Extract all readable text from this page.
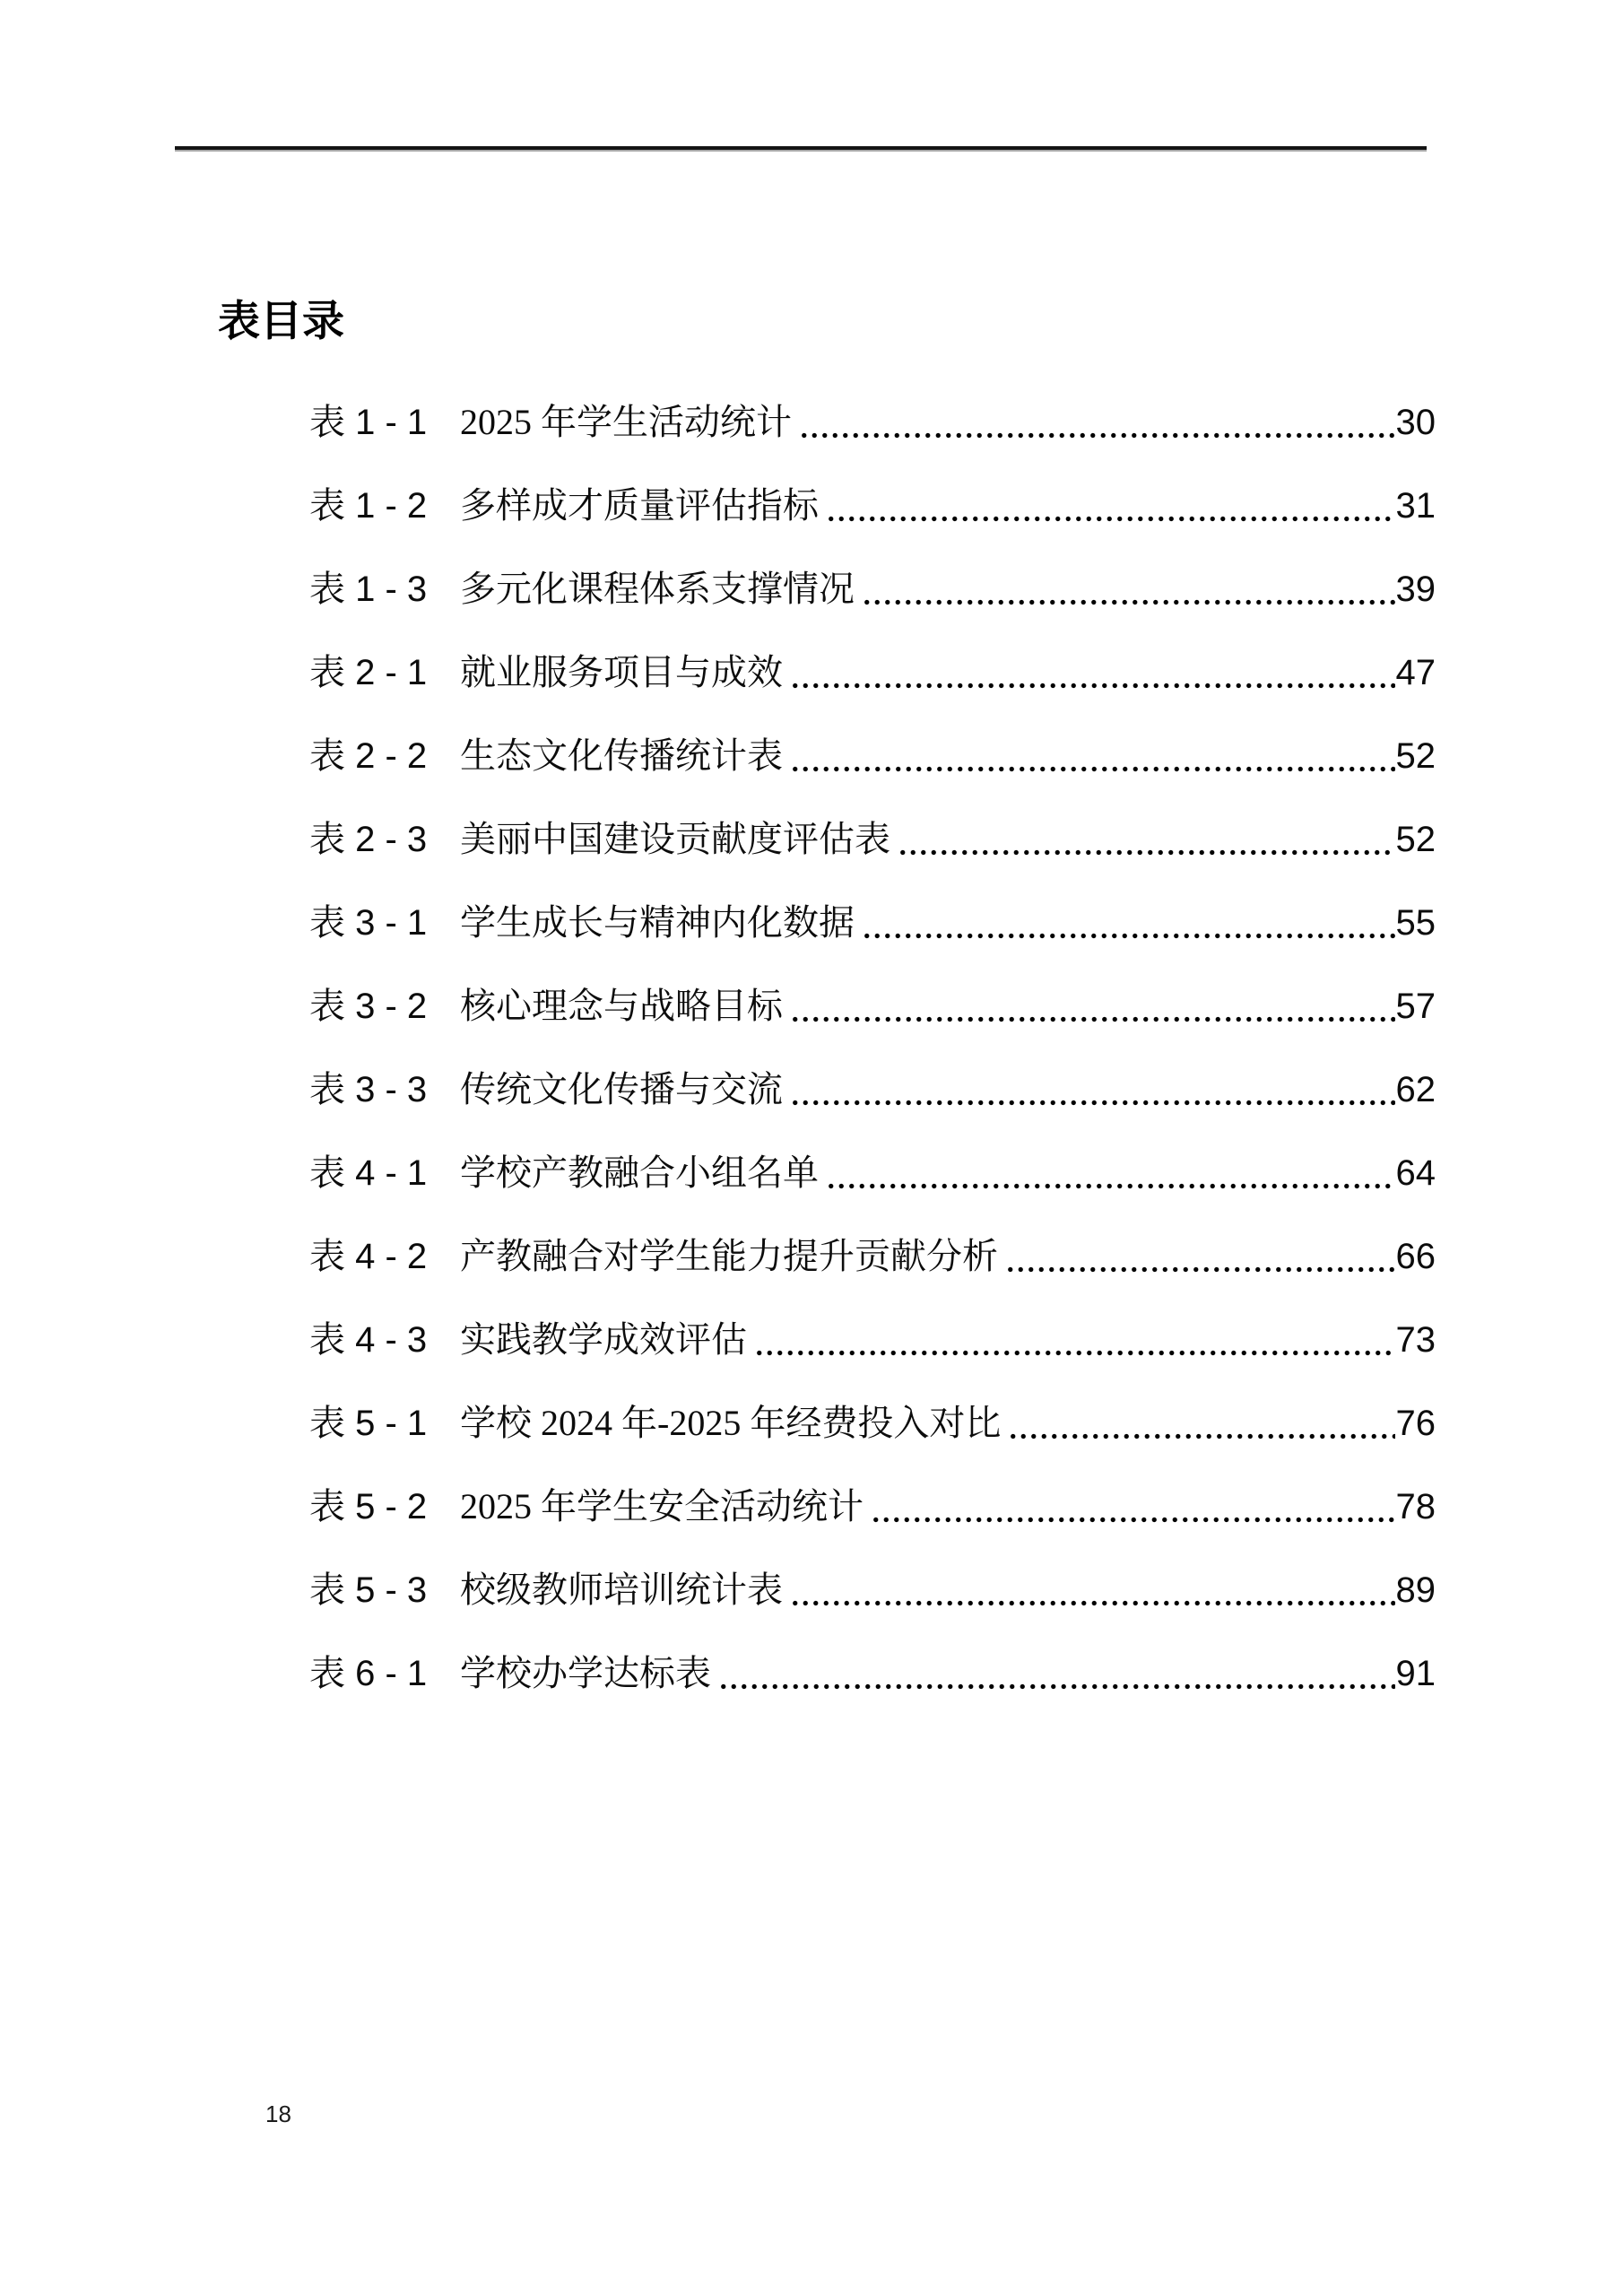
表目录
表 1 - 1 2025 年学生活动统计	30
表 1 - 2 多样成才质量评估指标	31
表 1 - 3 多元化课程体系支撑情况	39
表 2 - 1 就业服务项目与成效	47
表 2 - 2 生态文化传播统计表	52
表 2 - 3 美丽中国建设贡献度评估表	52
表 3 - 1 学生成长与精神内化数据	55
表 3 - 2 核心理念与战略目标	57
表 3 - 3 传统文化传播与交流	62
表 4 - 1 学校产教融合小组名单	64
表 4 - 2 产教融合对学生能力提升贡献分析	66
表 4 - 3 实践教学成效评估	73
表 5 - 1 学校 2024 年-2025 年经费投入对比	76
表 5 - 2 2025 年学生安全活动统计	78
表 5 - 3 校级教师培训统计表	89
表 6 - 1 学校办学达标表	91
18
